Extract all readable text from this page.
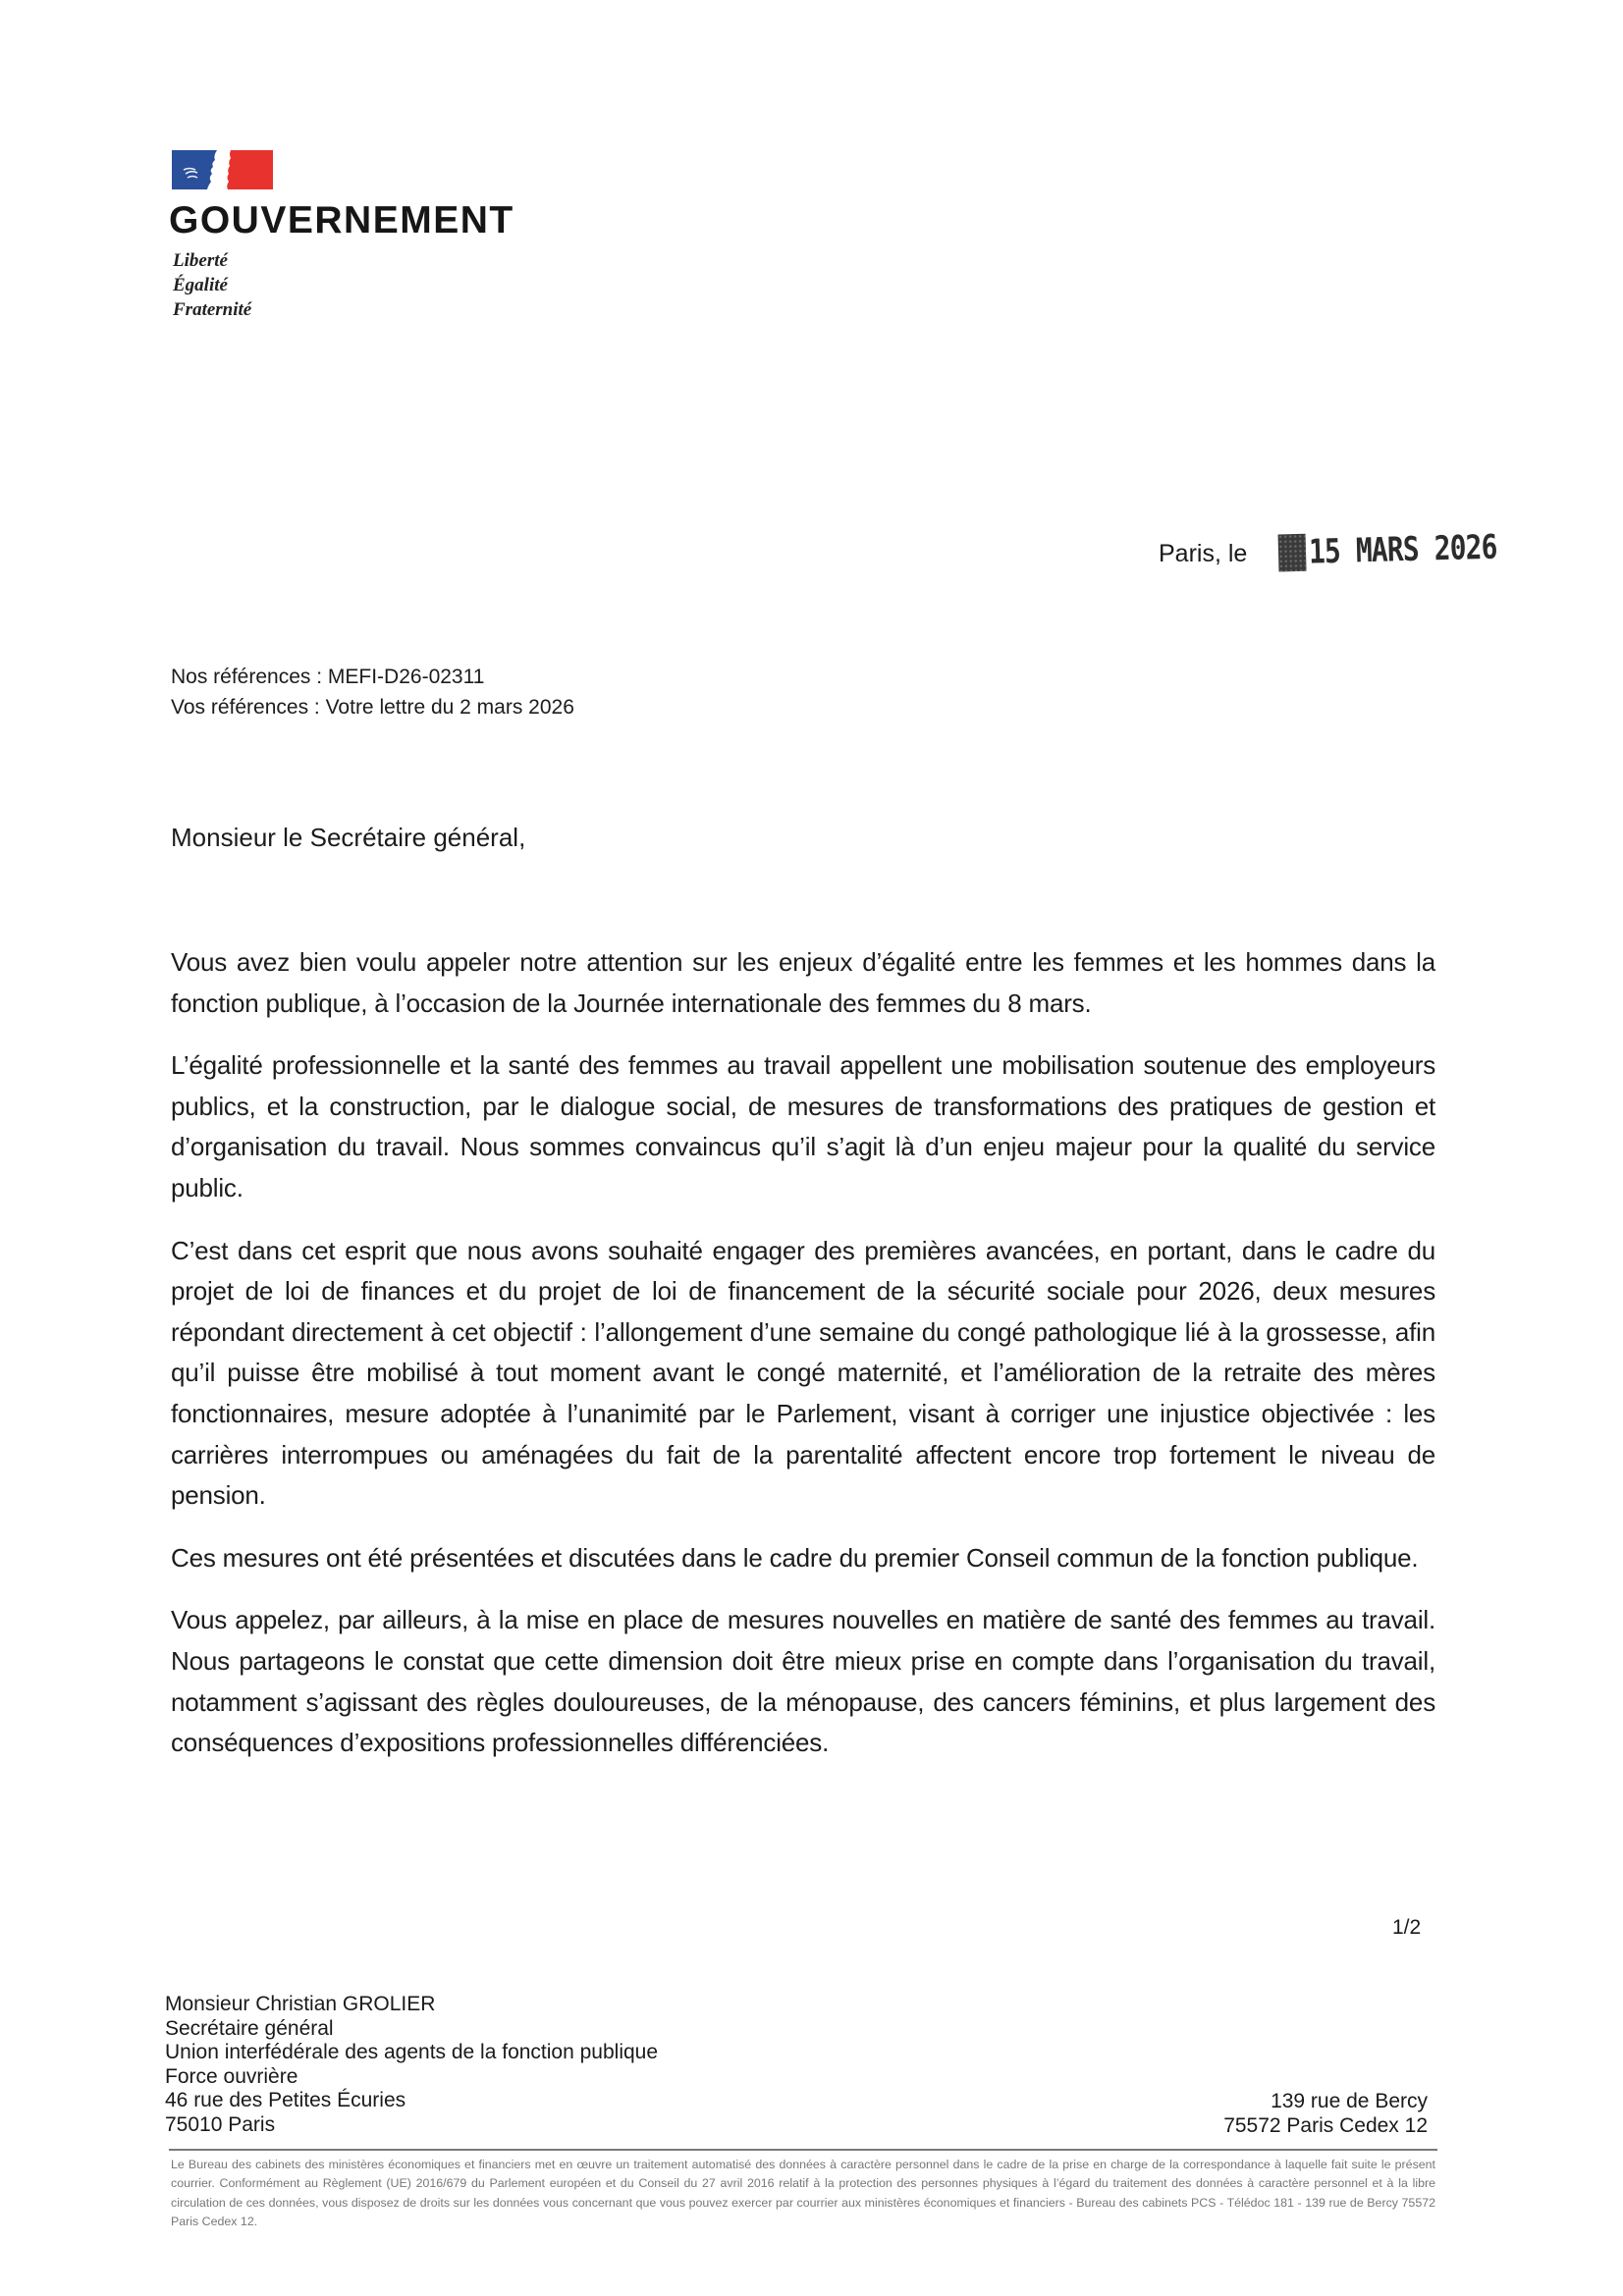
GOUVERNEMENT
Liberté
Égalité
Fraternité
Paris, le 15 MARS 2026
Nos références : MEFI-D26-02311
Vos références : Votre lettre du 2 mars 2026
Monsieur le Secrétaire général,

Vous avez bien voulu appeler notre attention sur les enjeux d’égalité entre les femmes et les hommes dans la fonction publique, à l’occasion de la Journée internationale des femmes du 8 mars.

L’égalité professionnelle et la santé des femmes au travail appellent une mobilisation soutenue des employeurs publics, et la construction, par le dialogue social, de mesures de transformations des pratiques de gestion et d’organisation du travail. Nous sommes convaincus qu’il s’agit là d’un enjeu majeur pour la qualité du service public.

C’est dans cet esprit que nous avons souhaité engager des premières avancées, en portant, dans le cadre du projet de loi de finances et du projet de loi de financement de la sécurité sociale pour 2026, deux mesures répondant directement à cet objectif : l’allongement d’une semaine du congé pathologique lié à la grossesse, afin qu’il puisse être mobilisé à tout moment avant le congé maternité, et l’amélioration de la retraite des mères fonctionnaires, mesure adoptée à l’unanimité par le Parlement, visant à corriger une injustice objectivée : les carrières interrompues ou aménagées du fait de la parentalité affectent encore trop fortement le niveau de pension.

Ces mesures ont été présentées et discutées dans le cadre du premier Conseil commun de la fonction publique.

Vous appelez, par ailleurs, à la mise en place de mesures nouvelles en matière de santé des femmes au travail. Nous partageons le constat que cette dimension doit être mieux prise en compte dans l’organisation du travail, notamment s’agissant des règles douloureuses, de la ménopause, des cancers féminins, et plus largement des conséquences d’expositions professionnelles différenciées.

1/2
Monsieur Christian GROLIER
Secrétaire général
Union interfédérale des agents de la fonction publique
Force ouvrière
46 rue des Petites Écuries
75010 Paris
139 rue de Bercy
75572 Paris Cedex 12
Le Bureau des cabinets des ministères économiques et financiers met en œuvre un traitement automatisé des données à caractère personnel dans le cadre de la prise en charge de la correspondance à laquelle fait suite le présent courrier. Conformément au Règlement (UE) 2016/679 du Parlement européen et du Conseil du 27 avril 2016 relatif à la protection des personnes physiques à l’égard du traitement des données à caractère personnel et à la libre circulation de ces données, vous disposez de droits sur les données vous concernant que vous pouvez exercer par courrier aux ministères économiques et financiers - Bureau des cabinets PCS - Télédoc 181 - 139 rue de Bercy 75572 Paris Cedex 12.
